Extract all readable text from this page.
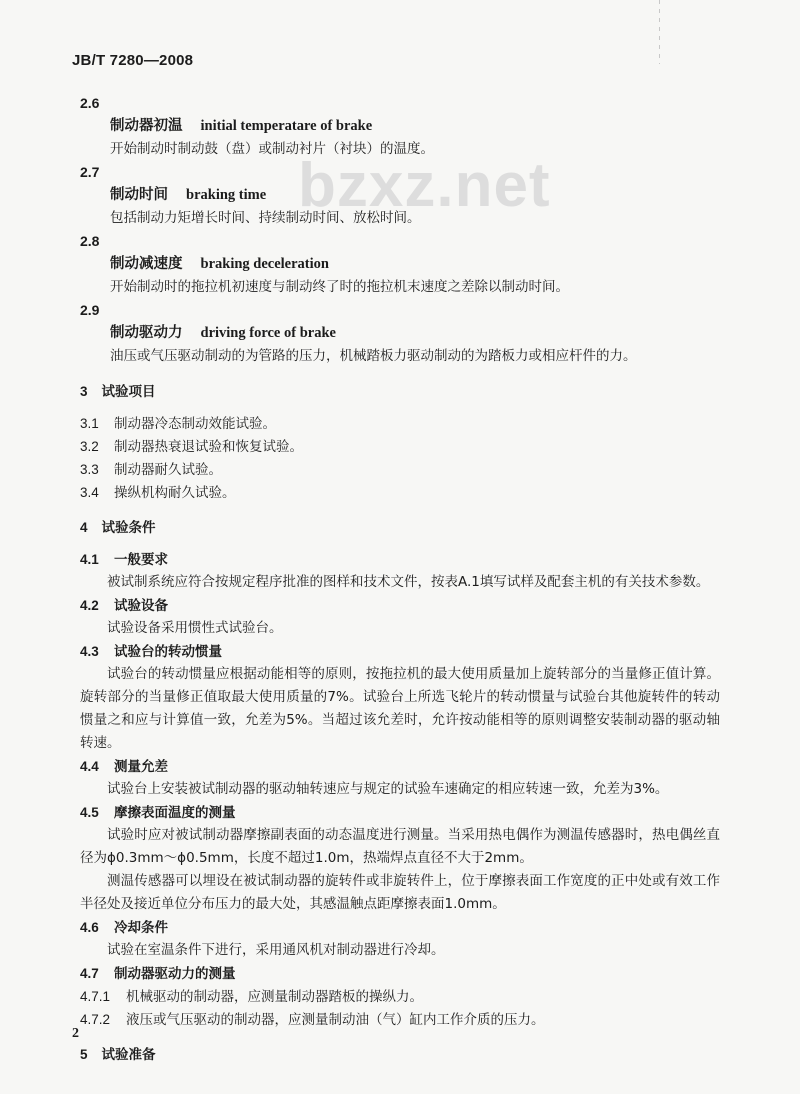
JB/T 7280—2008
bzxz.net
2.6
制动器初温 initial temperatare of brake
开始制动时制动鼓（盘）或制动衬片（衬块）的温度。
2.7
制动时间 braking time
包括制动力矩增长时间、持续制动时间、放松时间。
2.8
制动减速度 braking deceleration
开始制动时的拖拉机初速度与制动终了时的拖拉机末速度之差除以制动时间。
2.9
制动驱动力 driving force of brake
油压或气压驱动制动的为管路的压力，机械踏板力驱动制动的为踏板力或相应杆件的力。
3 试验项目
3.1 制动器冷态制动效能试验。
3.2 制动器热衰退试验和恢复试验。
3.3 制动器耐久试验。
3.4 操纵机构耐久试验。
4 试验条件
4.1 一般要求
被试制系统应符合按规定程序批准的图样和技术文件，按表A.1填写试样及配套主机的有关技术参数。
4.2 试验设备
试验设备采用惯性式试验台。
4.3 试验台的转动惯量
试验台的转动惯量应根据动能相等的原则，按拖拉机的最大使用质量加上旋转部分的当量修正值计算。旋转部分的当量修正值取最大使用质量的7%。试验台上所选飞轮片的转动惯量与试验台其他旋转件的转动惯量之和应与计算值一致，允差为5%。当超过该允差时，允许按动能相等的原则调整安装制动器的驱动轴转速。
4.4 测量允差
试验台上安装被试制动器的驱动轴转速应与规定的试验车速确定的相应转速一致，允差为3%。
4.5 摩擦表面温度的测量
试验时应对被试制动器摩擦副表面的动态温度进行测量。当采用热电偶作为测温传感器时，热电偶丝直径为ϕ0.3mm～ϕ0.5mm，长度不超过1.0m，热端焊点直径不大于2mm。
测温传感器可以埋设在被试制动器的旋转件或非旋转件上，位于摩擦表面工作宽度的正中处或有效工作半径处及接近单位分布压力的最大处，其感温触点距摩擦表面1.0mm。
4.6 冷却条件
试验在室温条件下进行，采用通风机对制动器进行冷却。
4.7 制动器驱动力的测量
4.7.1 机械驱动的制动器，应测量制动器踏板的操纵力。
4.7.2 液压或气压驱动的制动器，应测量制动油（气）缸内工作介质的压力。
5 试验准备
2
